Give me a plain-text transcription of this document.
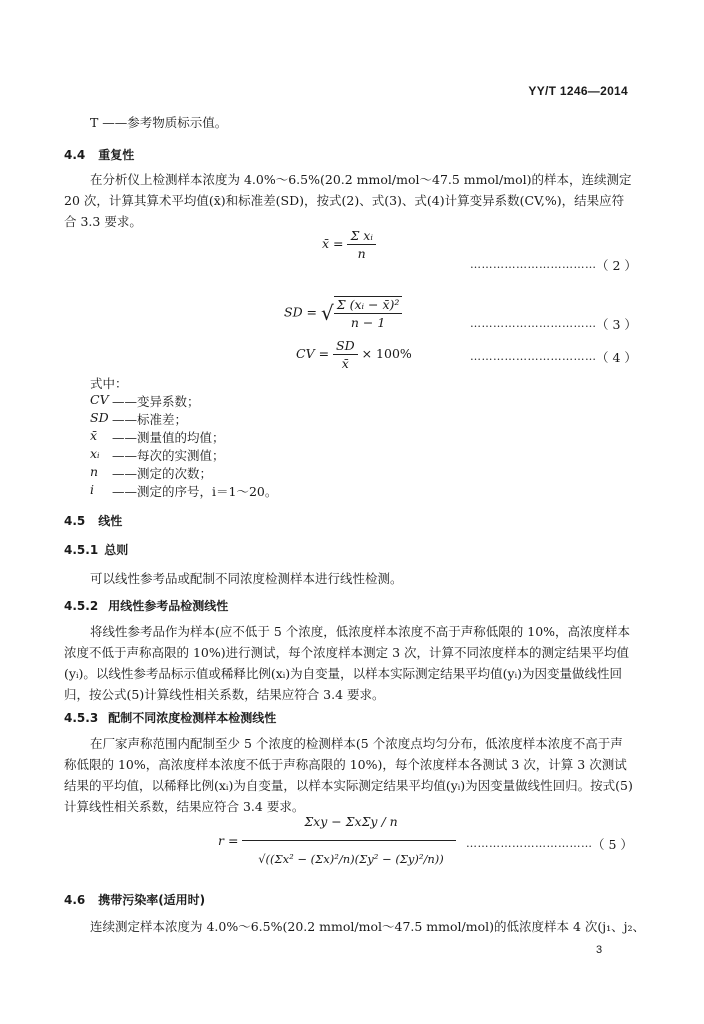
YY/T 1246—2014
T ——参考物质标示值。
4.4 重复性
在分析仪上检测样本浓度为 4.0%～6.5%(20.2 mmol/mol～47.5 mmol/mol)的样本，连续测定 20 次，计算其算术平均值(x̄)和标准差(SD)，按式(2)、式(3)、式(4)计算变异系数(CV,%)，结果应符合 3.3 要求。
x̄ = $\frac{\text{Σ xᵢ}}{n}$
…………………………… （ 2 ）
SD = √ $\frac{\text{Σ (xᵢ − x̄)²}}{n - 1}$	…………………………… （ 3 ）
CV = $\frac{SD}{x̄} \times 100\%$	…………………………… （ 4 ）
式中：
CV ——变异系数；
SD ——标准差；
x̄ ——测量值的均值；
xᵢ ——每次的实测值；
n ——测定的次数；
i ——测定的序号，i＝1～20。
4.5 线性
4.5.1 总则
可以线性参考品或配制不同浓度检测样本进行线性检测。
4.5.2 用线性参考品检测线性
将线性参考品作为样本(应不低于 5 个浓度，低浓度样本浓度不高于声称低限的 10%，高浓度样本浓度不低于声称高限的 10%)进行测试，每个浓度样本测定 3 次，计算不同浓度样本的测定结果平均值(yᵢ)。以线性参考品标示值或稀释比例(xᵢ)为自变量，以样本实际测定结果平均值(yᵢ)为因变量做线性回归，按公式(5)计算线性相关系数，结果应符合 3.4 要求。
4.5.3 配制不同浓度检测样本检测线性
在厂家声称范围内配制至少 5 个浓度的检测样本(5 个浓度点均匀分布，低浓度样本浓度不高于声称低限的 10%，高浓度样本浓度不低于声称高限的 10%)，每个浓度样本各测试 3 次，计算 3 次测试结果的平均值，以稀释比例(xᵢ)为自变量，以样本实际测定结果平均值(yᵢ)为因变量做线性回归。按式(5)计算线性相关系数，结果应符合 3.4 要求。
r =
Σxy − ΣxΣy / n
√((Σx² − (Σx)²/n)(Σy² − (Σy)²/n))
…………………………… （ 5 ）
4.6 携带污染率(适用时)
连续测定样本浓度为 4.0%～6.5%(20.2 mmol/mol～47.5 mmol/mol)的低浓度样本 4 次(j₁、j₂、
3
